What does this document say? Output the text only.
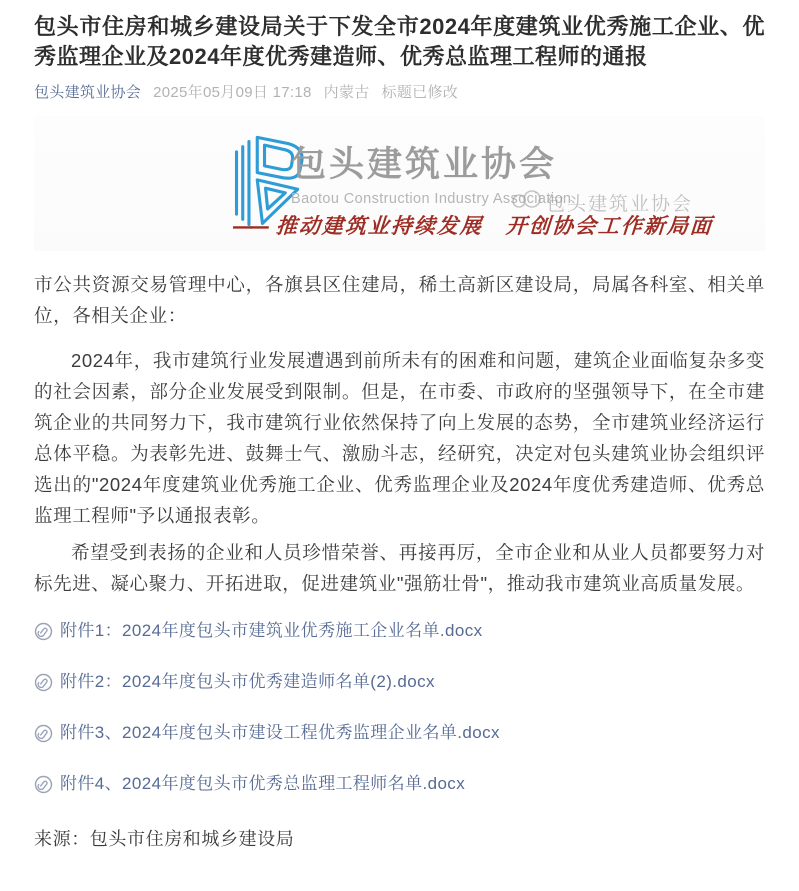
包头市住房和城乡建设局关于下发全市2024年度建筑业优秀施工企业、优秀监理企业及2024年度优秀建造师、优秀总监理工程师的通报
包头建筑业协会 2025年05月09日 17:18 内蒙古 标题已修改
包头建筑业协会
Baotou Construction Industry Association
包头建筑业协会
—— 推动建筑业持续发展　开创协会工作新局面

市公共资源交易管理中心，各旗县区住建局，稀土高新区建设局，局属各科室、相关单位，各相关企业：

2024年，我市建筑行业发展遭遇到前所未有的困难和问题，建筑企业面临复杂多变的社会因素，部分企业发展受到限制。但是，在市委、市政府的坚强领导下，在全市建筑企业的共同努力下，我市建筑行业依然保持了向上发展的态势，全市建筑业经济运行总体平稳。为表彰先进、鼓舞士气、激励斗志，经研究，决定对包头建筑业协会组织评选出的"2024年度建筑业优秀施工企业、优秀监理企业及2024年度优秀建造师、优秀总监理工程师"予以通报表彰。

希望受到表扬的企业和人员珍惜荣誉、再接再厉，全市企业和从业人员都要努力对标先进、凝心聚力、开拓进取，促进建筑业"强筋壮骨"，推动我市建筑业高质量发展。

附件1：2024年度包头市建筑业优秀施工企业名单.docx
附件2：2024年度包头市优秀建造师名单(2).docx
附件3、2024年度包头市建设工程优秀监理企业名单.docx
附件4、2024年度包头市优秀总监理工程师名单.docx

来源：包头市住房和城乡建设局
